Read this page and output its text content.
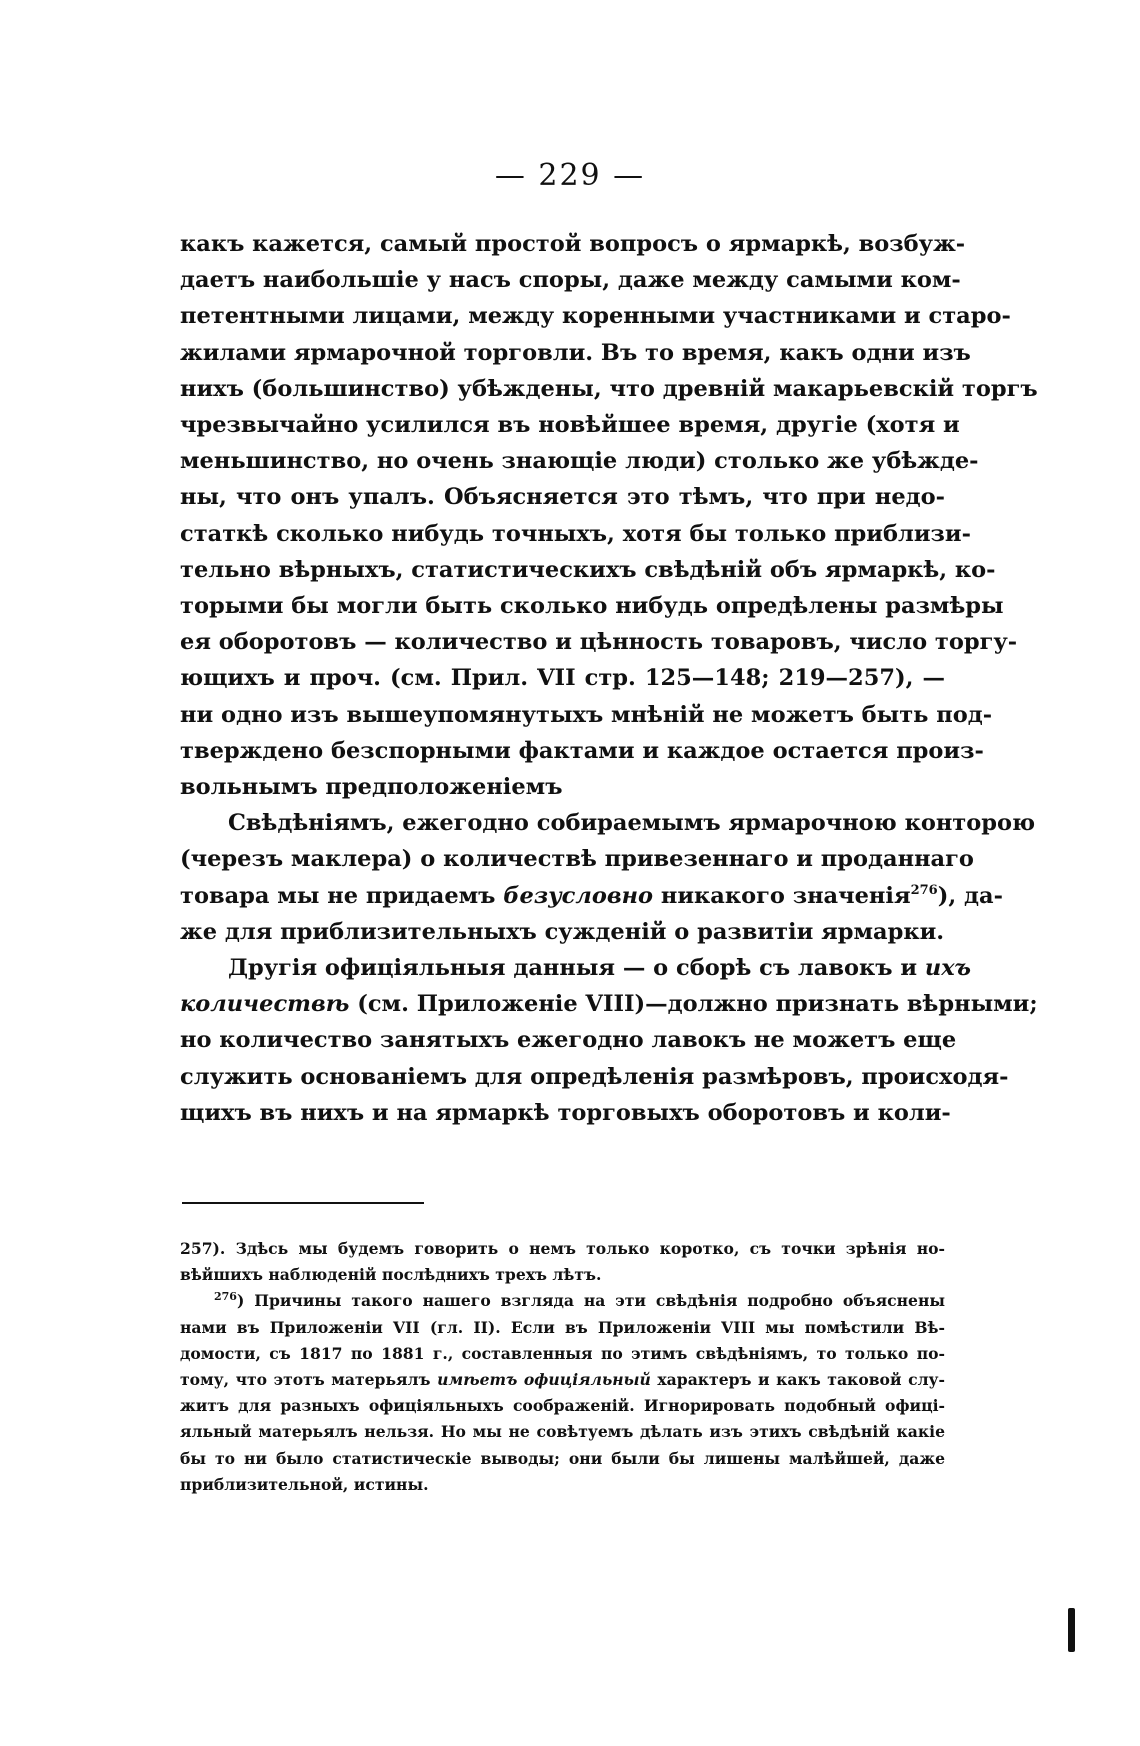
— 229 —

какъ кажется, самый простой вопросъ о ярмаркѣ, возбуж-
даетъ наибольшіе у насъ споры, даже между самыми ком-
петентными лицами, между коренными участниками и старо-
жилами ярмарочной торговли. Въ то время, какъ одни изъ
нихъ (большинство) убѣждены, что древній макарьевскій торгъ
чрезвычайно усилился въ новѣйшее время, другіе (хотя и
меньшинство, но очень знающіе люди) столько же убѣжде-
ны, что онъ упалъ. Объясняется это тѣмъ, что при недо-
статкѣ сколько нибудь точныхъ, хотя бы только приблизи-
тельно вѣрныхъ, статистическихъ свѣдѣній объ ярмаркѣ, ко-
торыми бы могли быть сколько нибудь опредѣлены размѣры
ея оборотовъ — количество и цѣнность товаровъ, число торгу-
ющихъ и проч. (см. Прил. VII стр. 125—148; 219—257), —
ни одно изъ вышеупомянутыхъ мнѣній не можетъ быть под-
тверждено безспорными фактами и каждое остается произ-
вольнымъ предположеніемъ

Свѣдѣніямъ, ежегодно собираемымъ ярмарочною конторою
(черезъ маклера) о количествѣ привезеннаго и проданнаго
товара мы не придаемъ безусловно никакого значенія$^{276}$), да-
же для приблизительныхъ сужденій о развитіи ярмарки.

Другія офиціяльныя данныя — о сборѣ съ лавокъ и ихъ
количествѣ (см. Приложеніе VIII)—должно признать вѣрными;
но количество занятыхъ ежегодно лавокъ не можетъ еще
служить основаніемъ для опредѣленія размѣровъ, происходя-
щихъ въ нихъ и на ярмаркѣ торговыхъ оборотовъ и коли-

257). Здѣсь мы будемъ говорить о немъ только коротко, съ точки зрѣнія но-
вѣйшихъ наблюденій послѣднихъ трехъ лѣтъ.
$^{276}$) Причины такого нашего взгляда на эти свѣдѣнія подробно объяснены
нами въ Приложеніи VII (гл. II). Если въ Приложеніи VIII мы помѣстили Вѣ-
домости, съ 1817 по 1881 г., составленныя по этимъ свѣдѣніямъ, то только по-
тому, что этотъ матерьялъ имѣетъ офиціяльный характеръ и какъ таковой слу-
житъ для разныхъ офиціяльныхъ соображеній. Игнорировать подобный офиці-
яльный матерьялъ нельзя. Но мы не совѣтуемъ дѣлать изъ этихъ свѣдѣній какіе
бы то ни было статистическіе выводы; они были бы лишены малѣйшей, даже
приблизительной, истины.
